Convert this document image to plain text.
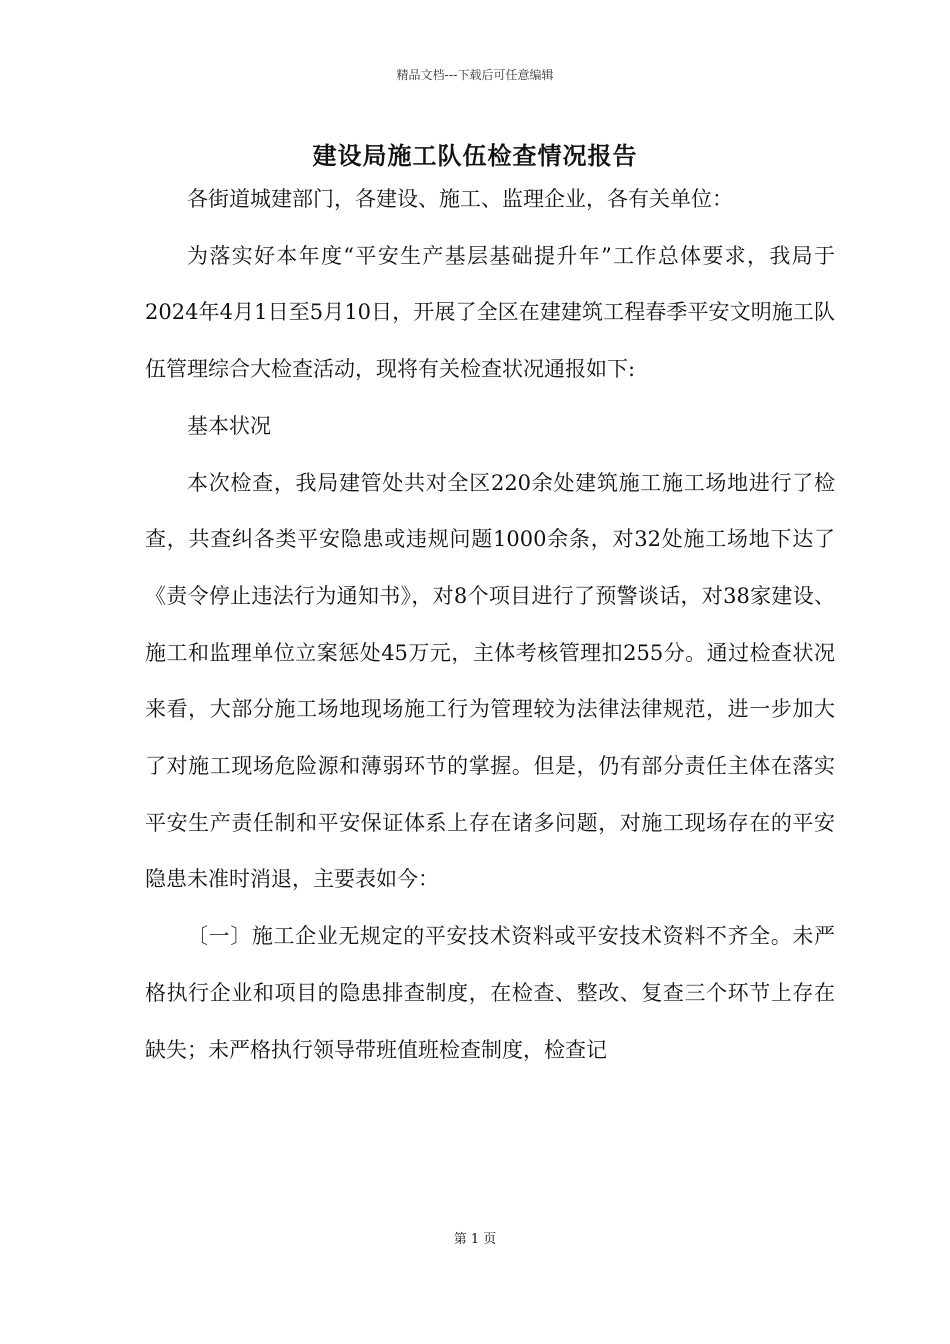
精品文档---下载后可任意编辑
建设局施工队伍检查情况报告

各街道城建部门，各建设、施工、监理企业，各有关单位：

为落实好本年度“平安生产基层基础提升年”工作总体要求，我局于2024年4月1日至5月10日，开展了全区在建建筑工程春季平安文明施工队伍管理综合大检查活动，现将有关检查状况通报如下:

基本状况

本次检查，我局建管处共对全区220余处建筑施工施工场地进行了检查，共查纠各类平安隐患或违规问题1000余条，对32处施工场地下达了《责令停止违法行为通知书》，对8个项目进行了预警谈话，对38家建设、施工和监理单位立案惩处45万元，主体考核管理扣255分。通过检查状况来看，大部分施工场地现场施工行为管理较为法律法律规范，进一步加大了对施工现场危险源和薄弱环节的掌握。但是，仍有部分责任主体在落实平安生产责任制和平安保证体系上存在诸多问题，对施工现场存在的平安隐患未准时消退，主要表如今：

〔一〕施工企业无规定的平安技术资料或平安技术资料不齐全。未严格执行企业和项目的隐患排查制度，在检查、整改、复查三个环节上存在缺失；未严格执行领导带班值班检查制度，检查记

第 1 页
